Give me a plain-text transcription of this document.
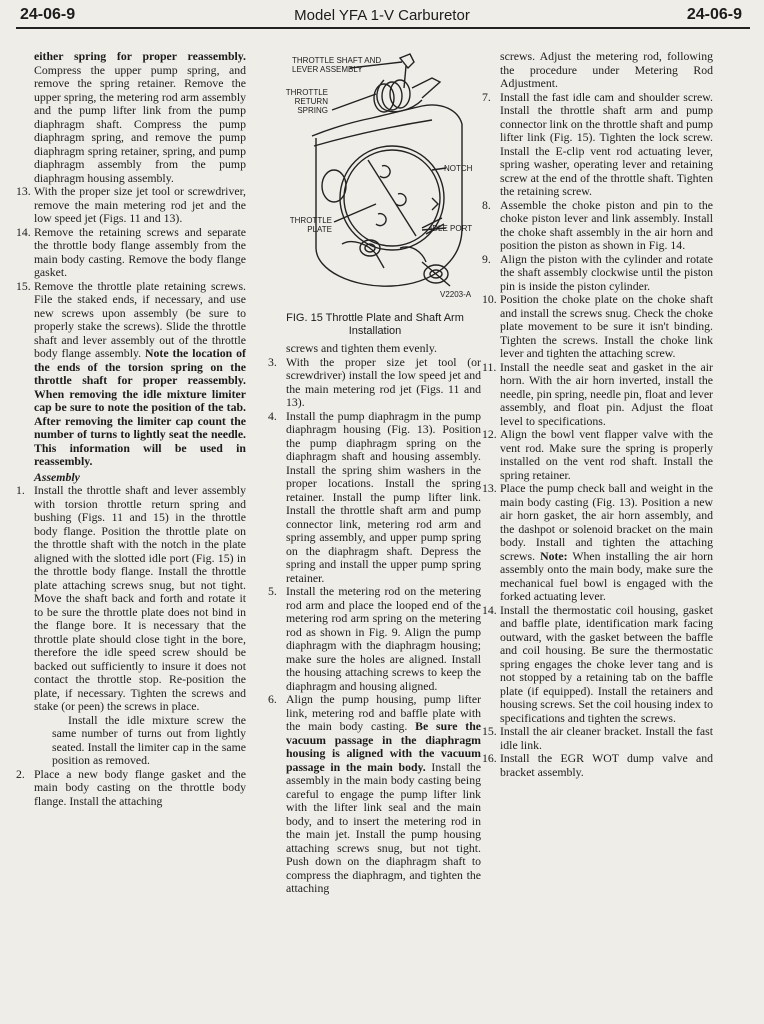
24-06-9	Model YFA 1-V Carburetor	24-06-9

either spring for proper reassembly. Compress the upper pump spring, and remove the spring retainer. Remove the upper spring, the metering rod arm assembly and the pump lifter link from the pump diaphragm shaft. Compress the pump diaphragm spring, and remove the pump diaphragm spring retainer, spring, and pump diaphragm assembly from the pump diaphragm housing assembly.

13. With the proper size jet tool or screwdriver, remove the main metering rod jet and the low speed jet (Figs. 11 and 13).

14. Remove the retaining screws and separate the throttle body flange assembly from the main body casting. Remove the body flange gasket.

15. Remove the throttle plate retaining screws. File the staked ends, if necessary, and use new screws upon assembly (be sure to properly stake the screws). Slide the throttle shaft and lever assembly out of the throttle body flange assembly. Note the location of the ends of the torsion spring on the throttle shaft for proper reassembly. When removing the idle mixture limiter cap be sure to note the position of the tab. After removing the limiter cap count the number of turns to lightly seat the needle. This information will be used in reassembly.

Assembly

1. Install the throttle shaft and lever assembly with torsion throttle return spring and bushing (Figs. 11 and 15) in the throttle body flange. Position the throttle plate on the throttle shaft with the notch in the plate aligned with the slotted idle port (Fig. 15) in the throttle body flange. Install the throttle plate attaching screws snug, but not tight. Move the shaft back and forth and rotate it to be sure the throttle plate does not bind in the flange bore. It is necessary that the throttle plate should close tight in the bore, therefore the idle speed screw should be backed out sufficiently to insure it does not contact the throttle stop. Re-position the plate, if necessary. Tighten the screws and stake (or peen) the screws in place.

Install the idle mixture screw the same number of turns out from lightly seated. Install the limiter cap in the same position as removed.

2. Place a new body flange gasket and the main body casting on the throttle body flange. Install the attaching

THROTTLE SHAFT AND LEVER ASSEMBLY
THROTTLE RETURN SPRING
NOTCH
THROTTLE PLATE	IDLE PORT
V2203-A
FIG. 15 Throttle Plate and Shaft Arm Installation

screws and tighten them evenly.

3. With the proper size jet tool (or screwdriver) install the low speed jet and the main metering rod jet (Figs. 11 and 13).

4. Install the pump diaphragm in the pump diaphragm housing (Fig. 13). Position the pump diaphragm spring on the diaphragm shaft and housing assembly. Install the spring shim washers in the proper locations. Install the spring retainer. Install the pump lifter link. Install the throttle shaft arm and pump connector link, metering rod arm and spring assembly, and upper pump spring on the diaphragm shaft. Depress the spring and install the upper pump spring retainer.

5. Install the metering rod on the metering rod arm and place the looped end of the metering rod arm spring on the metering rod as shown in Fig. 9. Align the pump diaphragm with the diaphragm housing; make sure the holes are aligned. Install the housing attaching screws to keep the diaphragm and housing aligned.

6. Align the pump housing, pump lifter link, metering rod and baffle plate with the main body casting. Be sure the vacuum passage in the diaphragm housing is aligned with the vacuum passage in the main body. Install the assembly in the main body casting being careful to engage the pump lifter link with the lifter link seal and the main body, and to insert the metering rod in the main jet. Install the pump housing attaching screws snug, but not tight. Push down on the diaphragm shaft to compress the diaphragm, and tighten the attaching

screws. Adjust the metering rod, following the procedure under Metering Rod Adjustment.

7. Install the fast idle cam and shoulder screw. Install the throttle shaft arm and pump connector link on the throttle shaft and pump lifter link (Fig. 15). Tighten the lock screw. Install the E-clip vent rod actuating lever, spring washer, operating lever and retaining screw at the end of the throttle shaft. Tighten the retaining screw.

8. Assemble the choke piston and pin to the choke piston lever and link assembly. Install the choke shaft assembly in the air horn and position the piston as shown in Fig. 14.

9. Align the piston with the cylinder and rotate the shaft assembly clockwise until the piston pin is inside the piston cylinder.

10. Position the choke plate on the choke shaft and install the screws snug. Check the choke plate movement to be sure it isn't binding. Tighten the screws. Install the choke link lever and tighten the attaching screw.

11. Install the needle seat and gasket in the air horn. With the air horn inverted, install the needle, pin spring, needle pin, float and lever assembly, and float pin. Adjust the float level to specifications.

12. Align the bowl vent flapper valve with the vent rod. Make sure the spring is properly installed on the vent rod shaft. Install the spring retainer.

13. Place the pump check ball and weight in the main body casting (Fig. 13). Position a new air horn gasket, the air horn assembly, and the dashpot or solenoid bracket on the main body. Install and tighten the attaching screws. Note: When installing the air horn assembly onto the main body, make sure the mechanical fuel bowl is engaged with the forked actuating lever.

14. Install the thermostatic coil housing, gasket and baffle plate, identification mark facing outward, with the gasket between the baffle and coil housing. Be sure the thermostatic spring engages the choke lever tang and is not stopped by a retaining tab on the baffle plate (if equipped). Install the retainers and housing screws. Set the coil housing index to specifications and tighten the screws.

15. Install the air cleaner bracket. Install the fast idle link.

16. Install the EGR WOT dump valve and bracket assembly.
